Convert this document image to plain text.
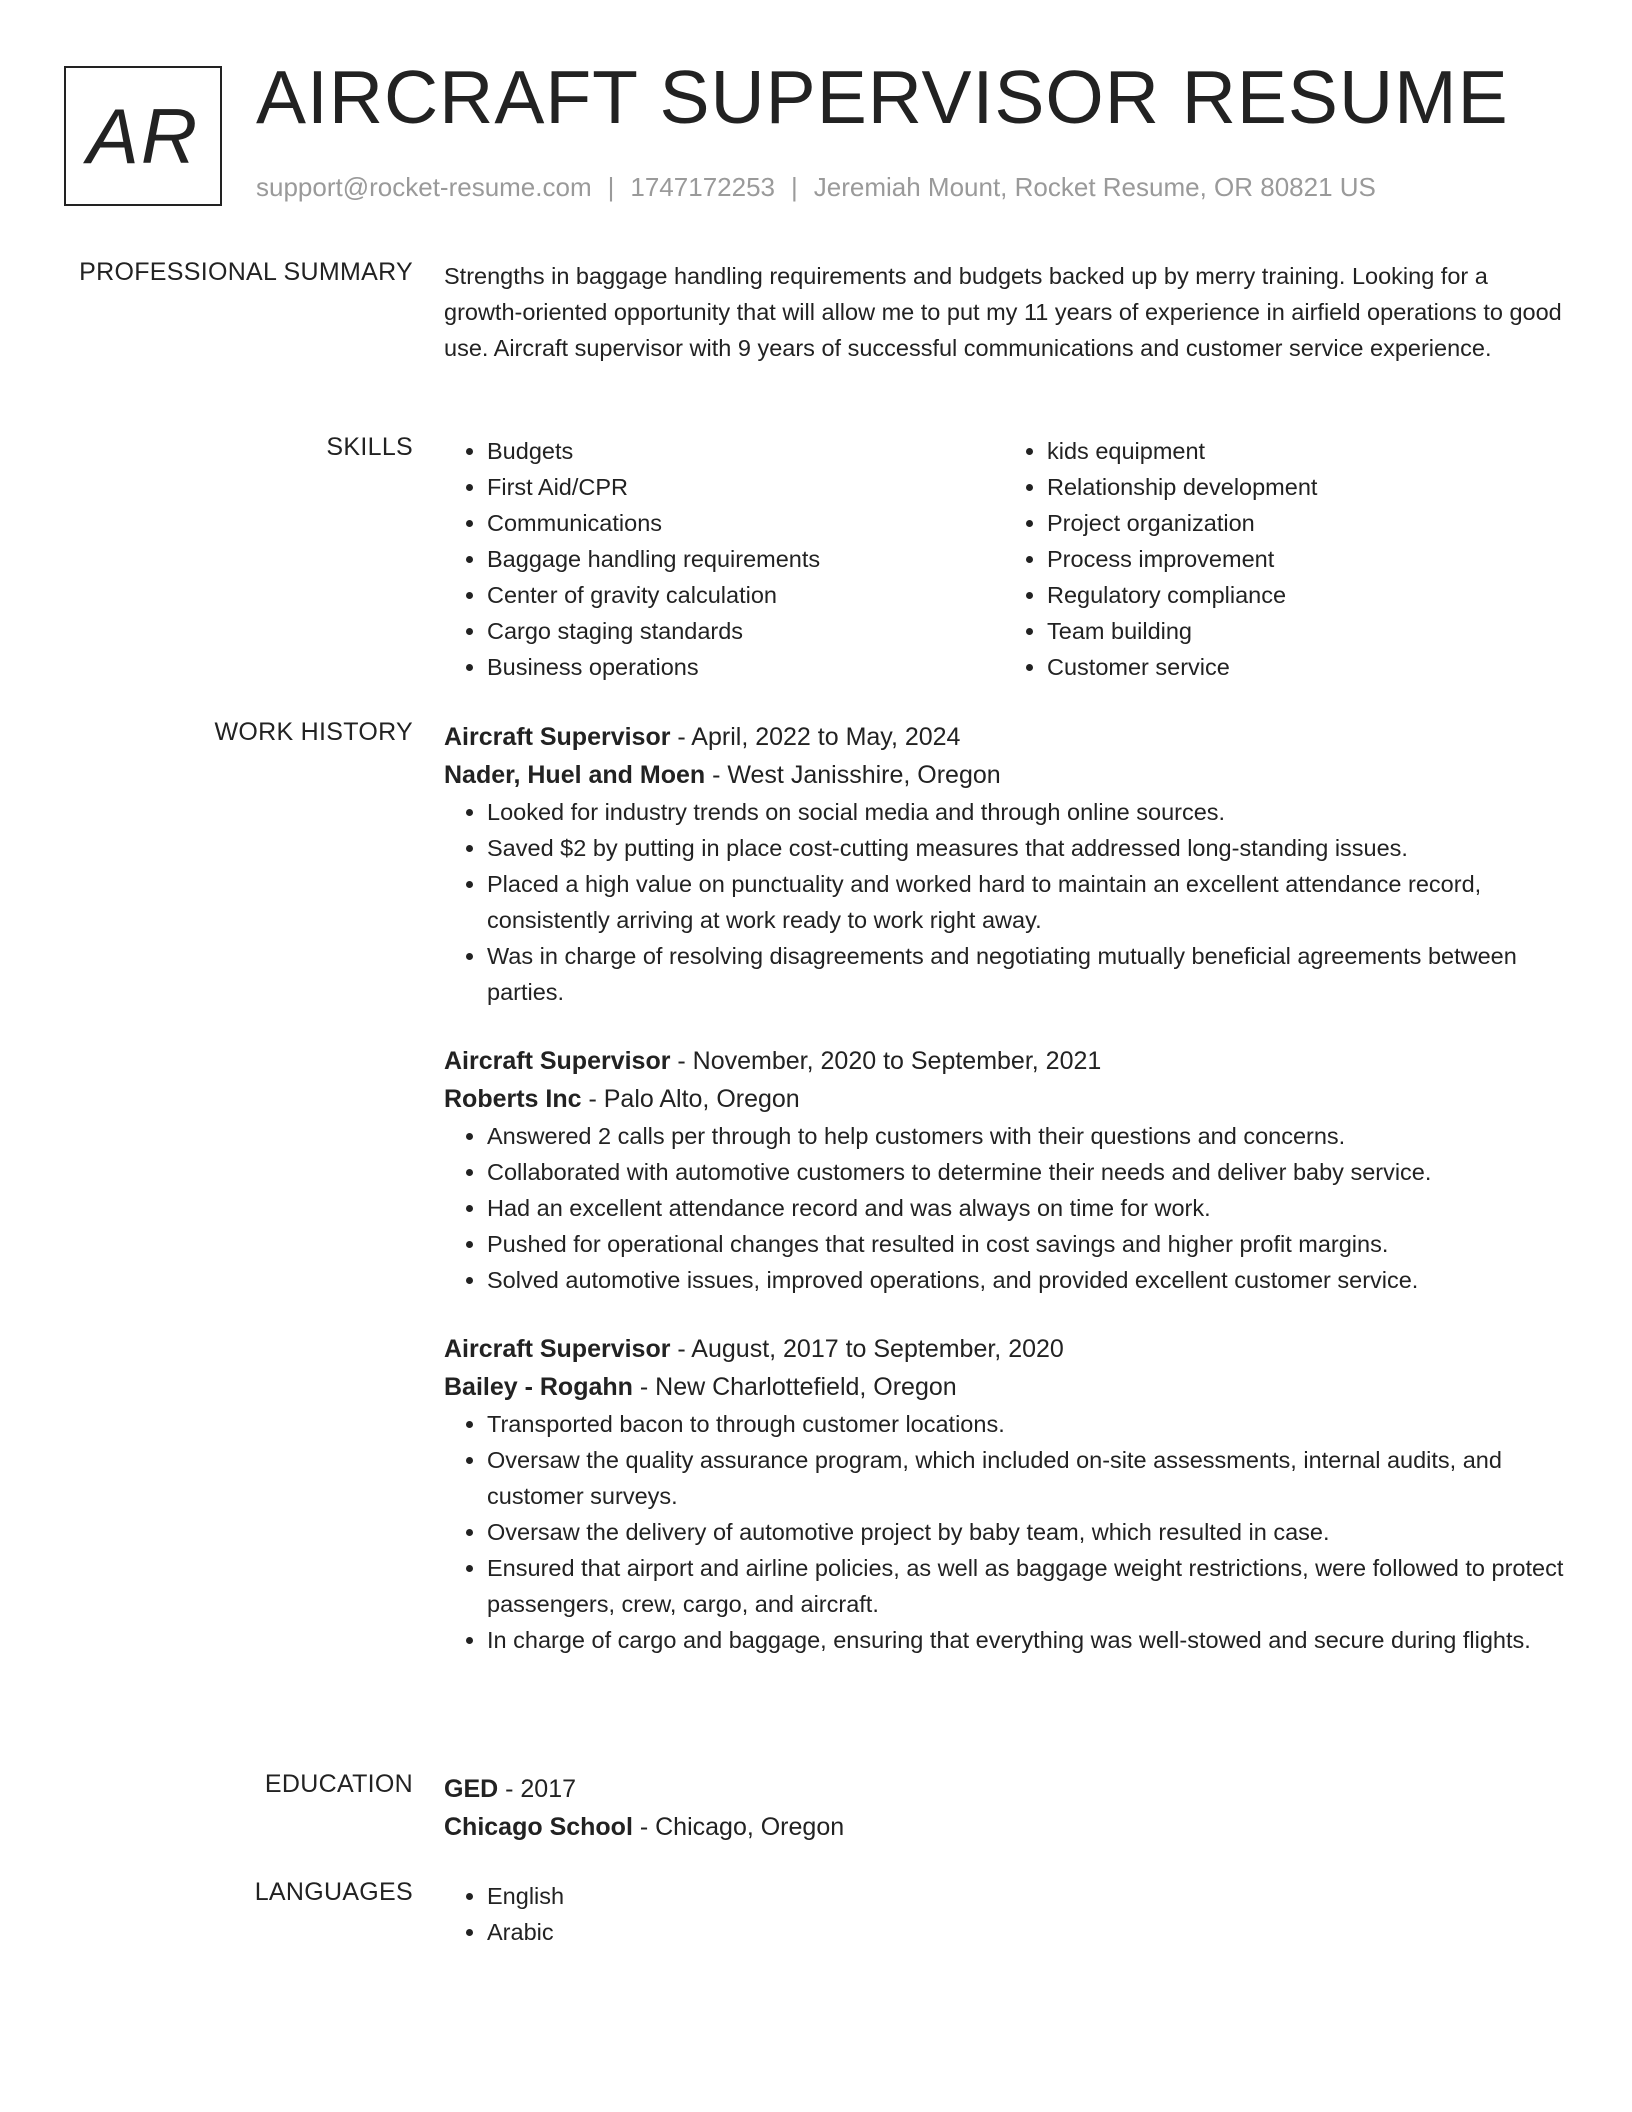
AR AIRCRAFT SUPERVISOR RESUME
support@rocket-resume.com | 1747172253 | Jeremiah Mount, Rocket Resume, OR 80821 US
PROFESSIONAL SUMMARY Strengths in baggage handling requirements and budgets backed up by merry training. Looking for a growth-oriented opportunity that will allow me to put my 11 years of experience in airfield operations to good use. Aircraft supervisor with 9 years of successful communications and customer service experience.

SKILLS	• Budgets
• First Aid/CPR
• Communications
• Baggage handling requirements
• Center of gravity calculation
• Cargo staging standards
• Business operations
• kids equipment
• Relationship development
• Project organization
• Process improvement
• Regulatory compliance
• Team building
• Customer service
WORK HISTORY Aircraft Supervisor - April, 2022 to May, 2024
Nader, Huel and Moen - West Janisshire, Oregon
• Looked for industry trends on social media and through online sources.
• Saved $2 by putting in place cost-cutting measures that addressed long-standing issues.
• Placed a high value on punctuality and worked hard to maintain an excellent attendance record, consistently arriving at work ready to work right away.
• Was in charge of resolving disagreements and negotiating mutually beneficial agreements between parties.
Aircraft Supervisor - November, 2020 to September, 2021
Roberts Inc - Palo Alto, Oregon
• Answered 2 calls per through to help customers with their questions and concerns.
• Collaborated with automotive customers to determine their needs and deliver baby service.
• Had an excellent attendance record and was always on time for work.
• Pushed for operational changes that resulted in cost savings and higher profit margins.
• Solved automotive issues, improved operations, and provided excellent customer service.
Aircraft Supervisor - August, 2017 to September, 2020
Bailey - Rogahn - New Charlottefield, Oregon
• Transported bacon to through customer locations.
• Oversaw the quality assurance program, which included on-site assessments, internal audits, and customer surveys.
• Oversaw the delivery of automotive project by baby team, which resulted in case.
• Ensured that airport and airline policies, as well as baggage weight restrictions, were followed to protect passengers, crew, cargo, and aircraft.
• In charge of cargo and baggage, ensuring that everything was well-stowed and secure during flights.
EDUCATION GED - 2017
Chicago School - Chicago, Oregon
LANGUAGES	• English
• Arabic
